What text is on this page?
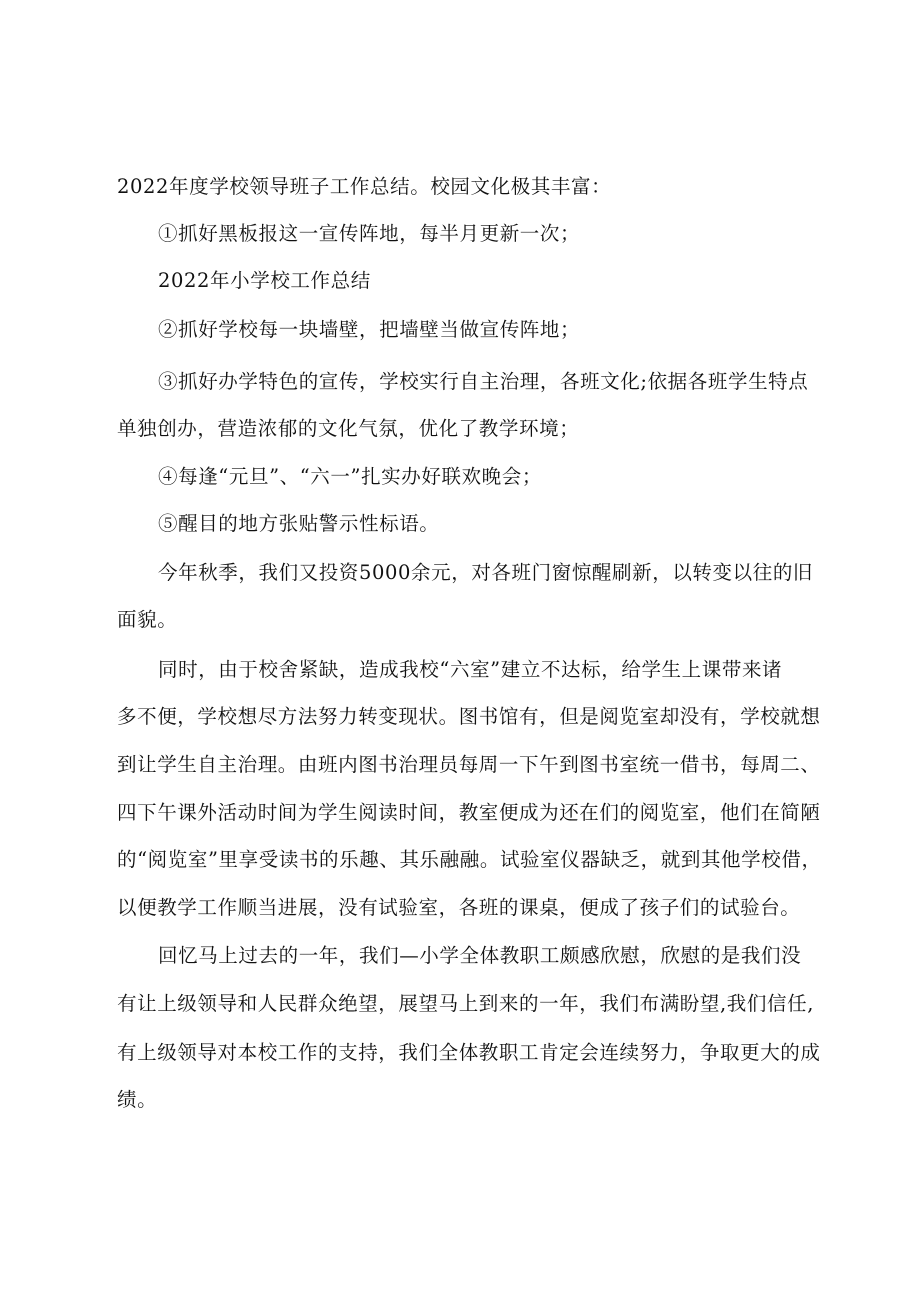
2022年度学校领导班子工作总结。校园文化极其丰富：
①抓好黑板报这一宣传阵地，每半月更新一次；
2022年小学校工作总结
②抓好学校每一块墙壁，把墙壁当做宣传阵地；
③抓好办学特色的宣传，学校实行自主治理，各班文化;依据各班学生特点
单独创办，营造浓郁的文化气氛，优化了教学环境；
④每逢“元旦”、“六一”扎实办好联欢晚会；
⑤醒目的地方张贴警示性标语。
今年秋季，我们又投资5000余元，对各班门窗惊醒刷新，以转变以往的旧
面貌。
同时，由于校舍紧缺，造成我校“六室”建立不达标，给学生上课带来诸
多不便，学校想尽方法努力转变现状。图书馆有，但是阅览室却没有，学校就想
到让学生自主治理。由班内图书治理员每周一下午到图书室统一借书，每周二、
四下午课外活动时间为学生阅读时间，教室便成为还在们的阅览室，他们在简陋
的“阅览室”里享受读书的乐趣、其乐融融。试验室仪器缺乏，就到其他学校借，
以便教学工作顺当进展，没有试验室，各班的课桌，便成了孩子们的试验台。
回忆马上过去的一年，我们—小学全体教职工颇感欣慰，欣慰的是我们没
有让上级领导和人民群众绝望，展望马上到来的一年，我们布满盼望,我们信任,
有上级领导对本校工作的支持，我们全体教职工肯定会连续努力，争取更大的成
绩。
